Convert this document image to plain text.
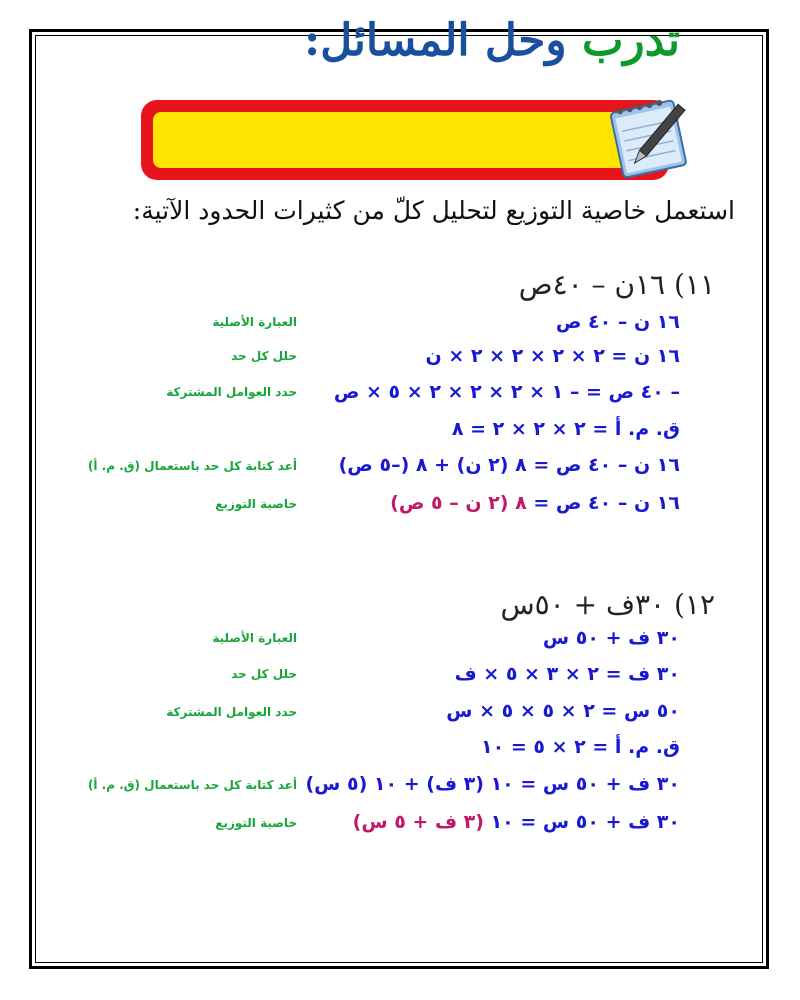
تدرب وحل المسائل:
استعمل خاصية التوزيع لتحليل كلّ من كثيرات الحدود الآتية:
١١) ١٦ن – ٤٠ص
١٦ ن – ٤٠ ص
العبارة الأصلية
١٦ ن = ٢ × ٢ × ٢ × ٢ × ن
حلل كل حد
– ٤٠ ص = – ١ × ٢ × ٢ × ٢ × ٥ × ص
حدد العوامل المشتركة
ق. م. أ = ٢ × ٢ × ٢ = ٨
١٦ ن – ٤٠ ص = ٨ (٢ ن) + ٨ (–٥ ص)
أعد كتابة كل حد باستعمال (ق. م. أ)
١٦ ن – ٤٠ ص = ٨ (٢ ن – ٥ ص)
خاصية التوزيع
١٢) ٣٠ف + ٥٠س
٣٠ ف + ٥٠ س
العبارة الأصلية
٣٠ ف = ٢ × ٣ × ٥ × ف
حلل كل حد
٥٠ س = ٢ × ٥ × ٥ × س
حدد العوامل المشتركة
ق. م. أ = ٢ × ٥ = ١٠
٣٠ ف + ٥٠ س = ١٠ (٣ ف) + ١٠ (٥ س)
أعد كتابة كل حد باستعمال (ق. م. أ)
٣٠ ف + ٥٠ س = ١٠ (٣ ف + ٥ س)
خاصية التوزيع
